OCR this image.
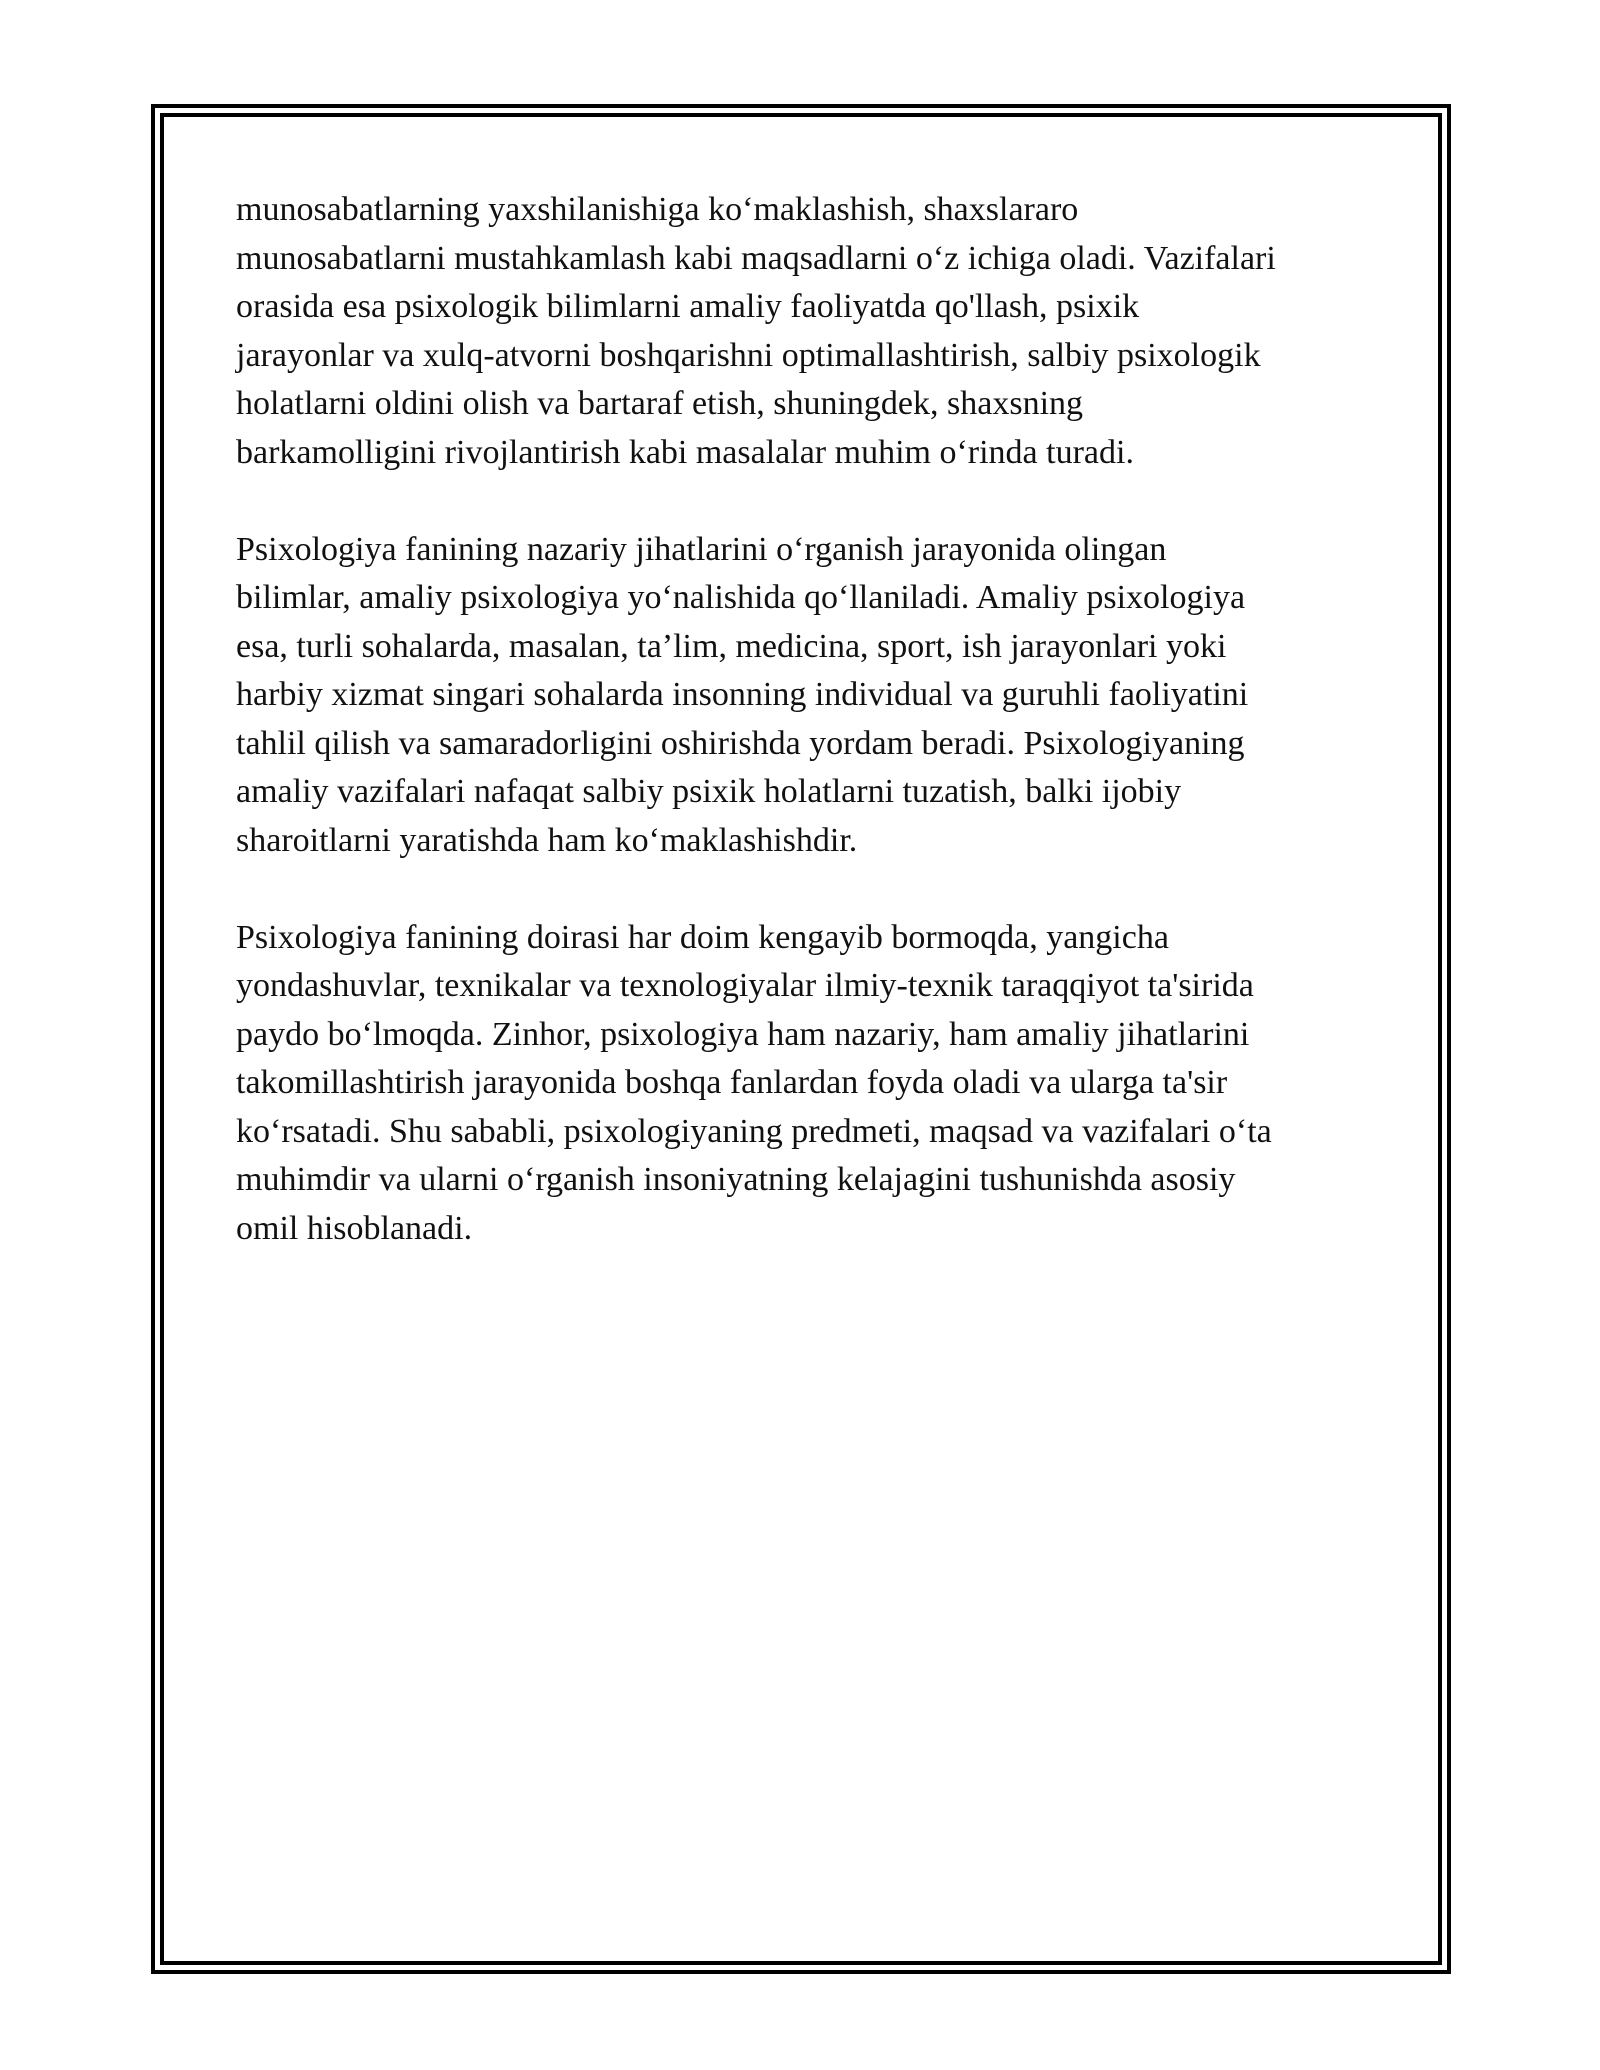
munosabatlarning yaxshilanishiga ko‘maklashish, shaxslararo
munosabatlarni mustahkamlash kabi maqsadlarni o‘z ichiga oladi. Vazifalari
orasida esa psixologik bilimlarni amaliy faoliyatda qo'llash, psixik
jarayonlar va xulq-atvorni boshqarishni optimallashtirish, salbiy psixologik
holatlarni oldini olish va bartaraf etish, shuningdek, shaxsning
barkamolligini rivojlantirish kabi masalalar muhim o‘rinda turadi.

Psixologiya fanining nazariy jihatlarini o‘rganish jarayonida olingan
bilimlar, amaliy psixologiya yo‘nalishida qo‘llaniladi. Amaliy psixologiya
esa, turli sohalarda, masalan, ta’lim, medicina, sport, ish jarayonlari yoki
harbiy xizmat singari sohalarda insonning individual va guruhli faoliyatini
tahlil qilish va samaradorligini oshirishda yordam beradi. Psixologiyaning
amaliy vazifalari nafaqat salbiy psixik holatlarni tuzatish, balki ijobiy
sharoitlarni yaratishda ham ko‘maklashishdir.

Psixologiya fanining doirasi har doim kengayib bormoqda, yangicha
yondashuvlar, texnikalar va texnologiyalar ilmiy-texnik taraqqiyot ta'sirida
paydo bo‘lmoqda. Zinhor, psixologiya ham nazariy, ham amaliy jihatlarini
takomillashtirish jarayonida boshqa fanlardan foyda oladi va ularga ta'sir
ko‘rsatadi. Shu sababli, psixologiyaning predmeti, maqsad va vazifalari o‘ta
muhimdir va ularni o‘rganish insoniyatning kelajagini tushunishda asosiy
omil hisoblanadi.
